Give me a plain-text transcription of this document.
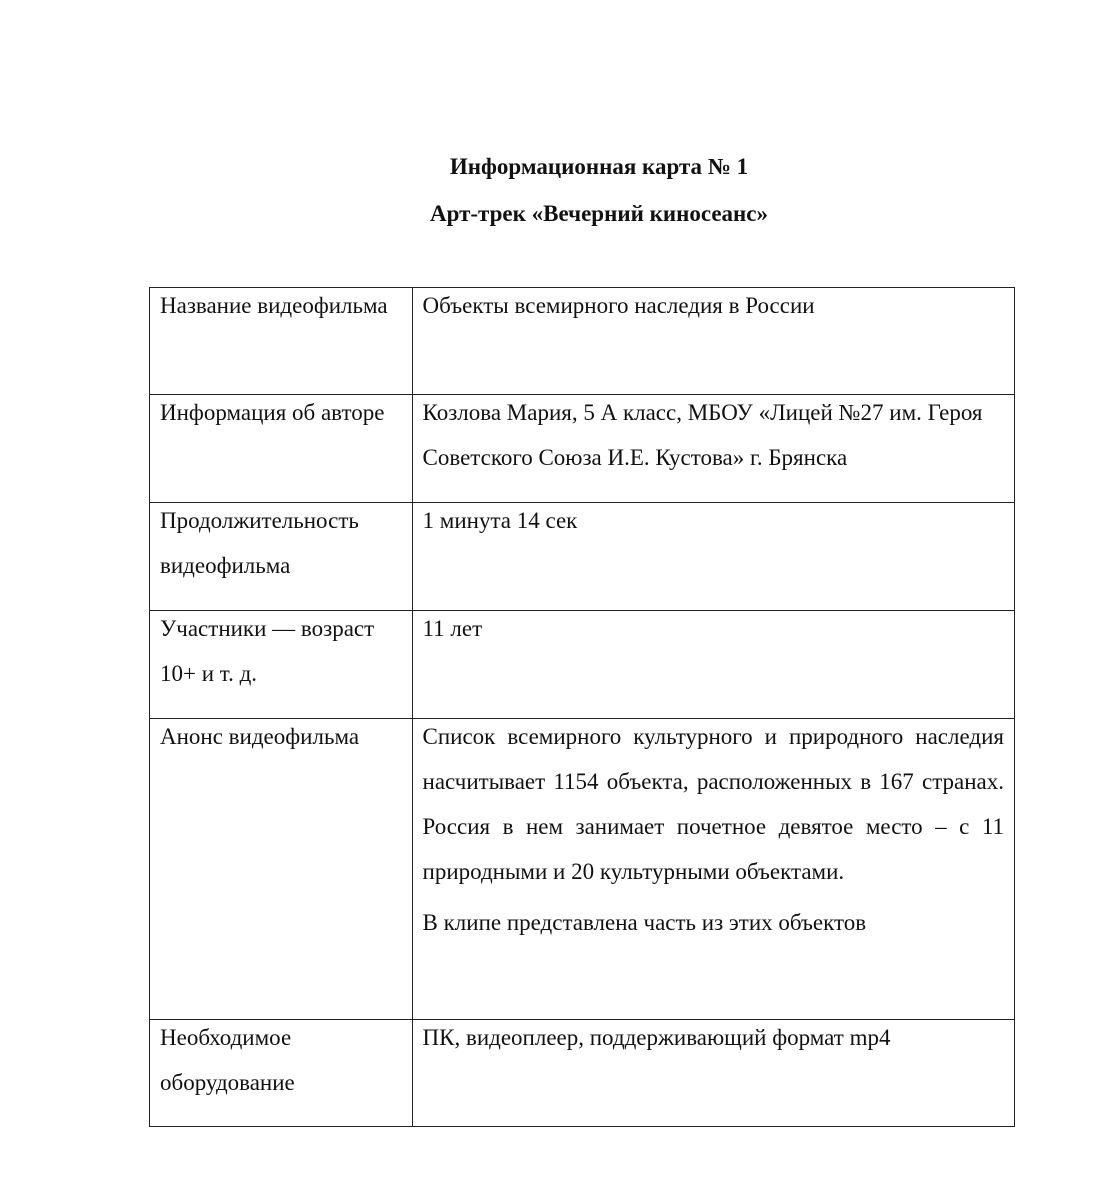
Информационная карта № 1
Арт-трек «Вечерний киносеанс»
Название видеофильма	Объекты всемирного наследия в России

Информация об авторе	Козлова Мария, 5 А класс, МБОУ «Лицей №27 им. Героя Советского Союза И.Е. Кустова» г. Брянска

Продолжительность видеофильма	1 минута 14 сек

Участники — возраст 10+ и т. д.	11 лет

Анонс видеофильма	Список всемирного культурного и природного наследия насчитывает 1154 объекта, расположенных в 167 странах. Россия в нем занимает почетное девятое место – с 11 природными и 20 культурными объектами.
В клипе представлена часть из этих объектов

Необходимое оборудование	ПК, видеоплеер, поддерживающий формат mp4
